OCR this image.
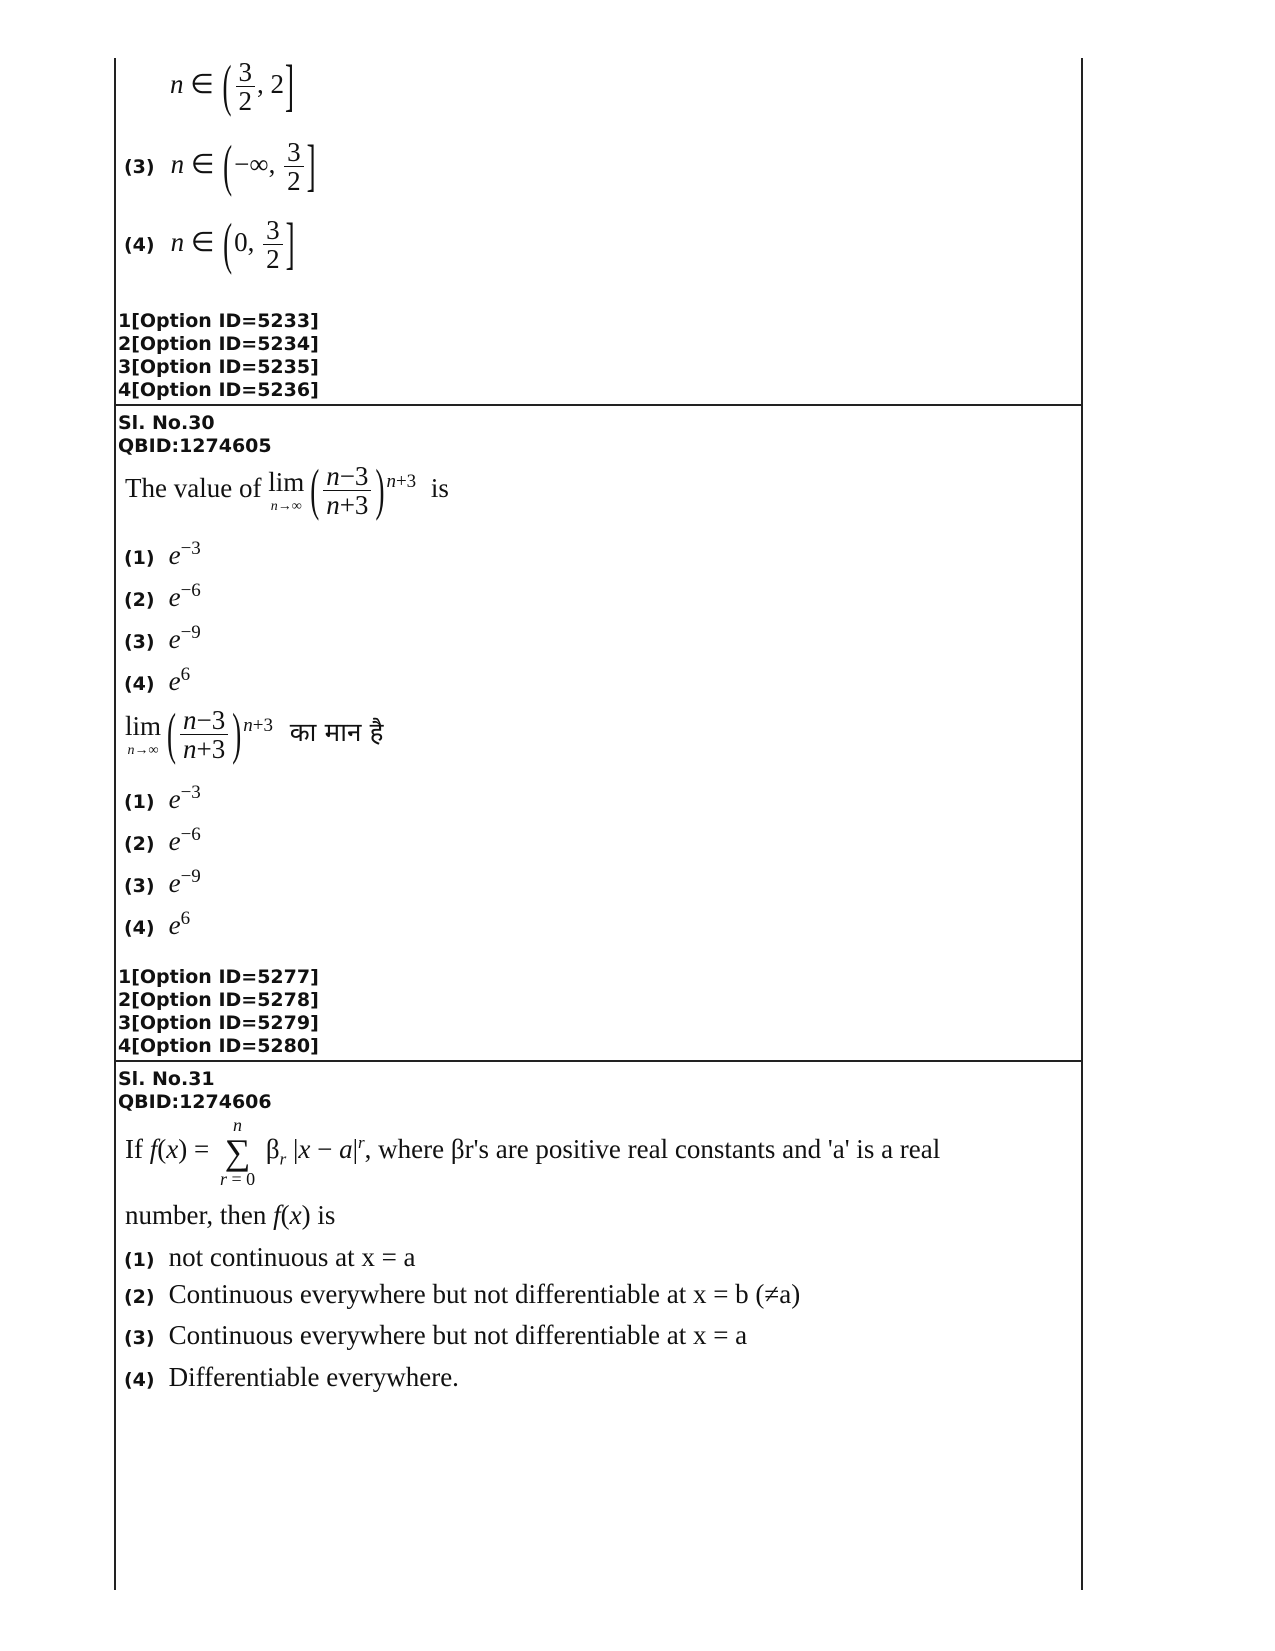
n ∈ ( $\frac{3}{2}$ , 2]
(3) n ∈ (−∞, $\frac{3}{2}$ ]
(4) n ∈ (0, $\frac{3}{2}$ ]
1[Option ID=5233]
2[Option ID=5234]
3[Option ID=5235]
4[Option ID=5236]
Sl. No.30
QBID:1274605
The value of lim
n→∞ ( $\frac{n-3}{n+3}$ ) $^{n+3}$ is
(1) $e^{-3}$
(2) $e^{-6}$
(3) $e^{-9}$
(4) $e^6$
lim
n→∞ ( $\frac{n-3}{n+3}$ ) $^{n+3}$ का मान है
(1) $e^{-3}$
(2) $e^{-6}$
(3) $e^{-9}$
(4) $e^6$
1[Option ID=5277]
2[Option ID=5278]
3[Option ID=5279]
4[Option ID=5280]
Sl. No.31
QBID:1274606
If f(x) =
n
∑
r = 0
$\beta_r$ $|x - a|^r$, where βr's are positive real constants and 'a' is a real
number, then f(x) is
(1) not continuous at x = a
(2) Continuous everywhere but not differentiable at x = b (≠a)
(3) Continuous everywhere but not differentiable at x = a
(4) Differentiable everywhere.
